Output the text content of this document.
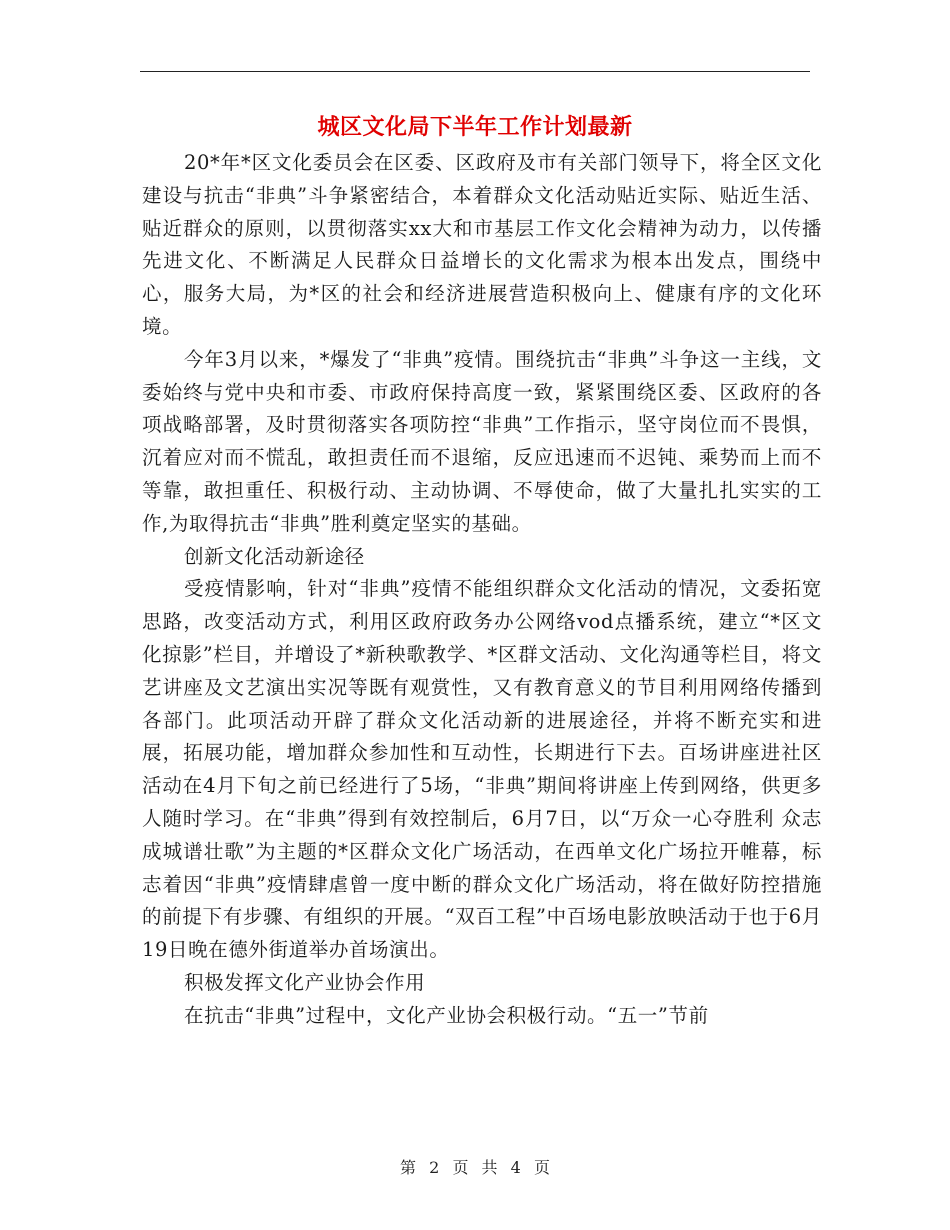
城区文化局下半年工作计划最新

20*年*区文化委员会在区委、区政府及市有关部门领导下，将全区文化建设与抗击“非典”斗争紧密结合，本着群众文化活动贴近实际、贴近生活、贴近群众的原则，以贯彻落实xx大和市基层工作文化会精神为动力，以传播先进文化、不断满足人民群众日益增长的文化需求为根本出发点，围绕中心，服务大局，为*区的社会和经济进展营造积极向上、健康有序的文化环境。

今年3月以来，*爆发了“非典”疫情。围绕抗击“非典”斗争这一主线，文委始终与党中央和市委、市政府保持高度一致，紧紧围绕区委、区政府的各项战略部署，及时贯彻落实各项防控“非典”工作指示，坚守岗位而不畏惧，沉着应对而不慌乱，敢担责任而不退缩，反应迅速而不迟钝、乘势而上而不等靠，敢担重任、积极行动、主动协调、不辱使命，做了大量扎扎实实的工作,为取得抗击“非典”胜利奠定坚实的基础。

创新文化活动新途径

受疫情影响，针对“非典”疫情不能组织群众文化活动的情况，文委拓宽思路，改变活动方式，利用区政府政务办公网络vod点播系统，建立“*区文化掠影”栏目，并增设了*新秧歌教学、*区群文活动、文化沟通等栏目，将文艺讲座及文艺演出实况等既有观赏性，又有教育意义的节目利用网络传播到各部门。此项活动开辟了群众文化活动新的进展途径，并将不断充实和进展，拓展功能，增加群众参加性和互动性，长期进行下去。百场讲座进社区活动在4月下旬之前已经进行了5场，“非典”期间将讲座上传到网络，供更多人随时学习。在“非典”得到有效控制后，6月7日，以“万众一心夺胜利 众志成城谱壮歌”为主题的*区群众文化广场活动，在西单文化广场拉开帷幕，标志着因“非典”疫情肆虐曾一度中断的群众文化广场活动，将在做好防控措施的前提下有步骤、有组织的开展。“双百工程”中百场电影放映活动于也于6月19日晚在德外街道举办首场演出。

积极发挥文化产业协会作用

在抗击“非典”过程中，文化产业协会积极行动。“五一”节前

第 2 页 共 4 页
